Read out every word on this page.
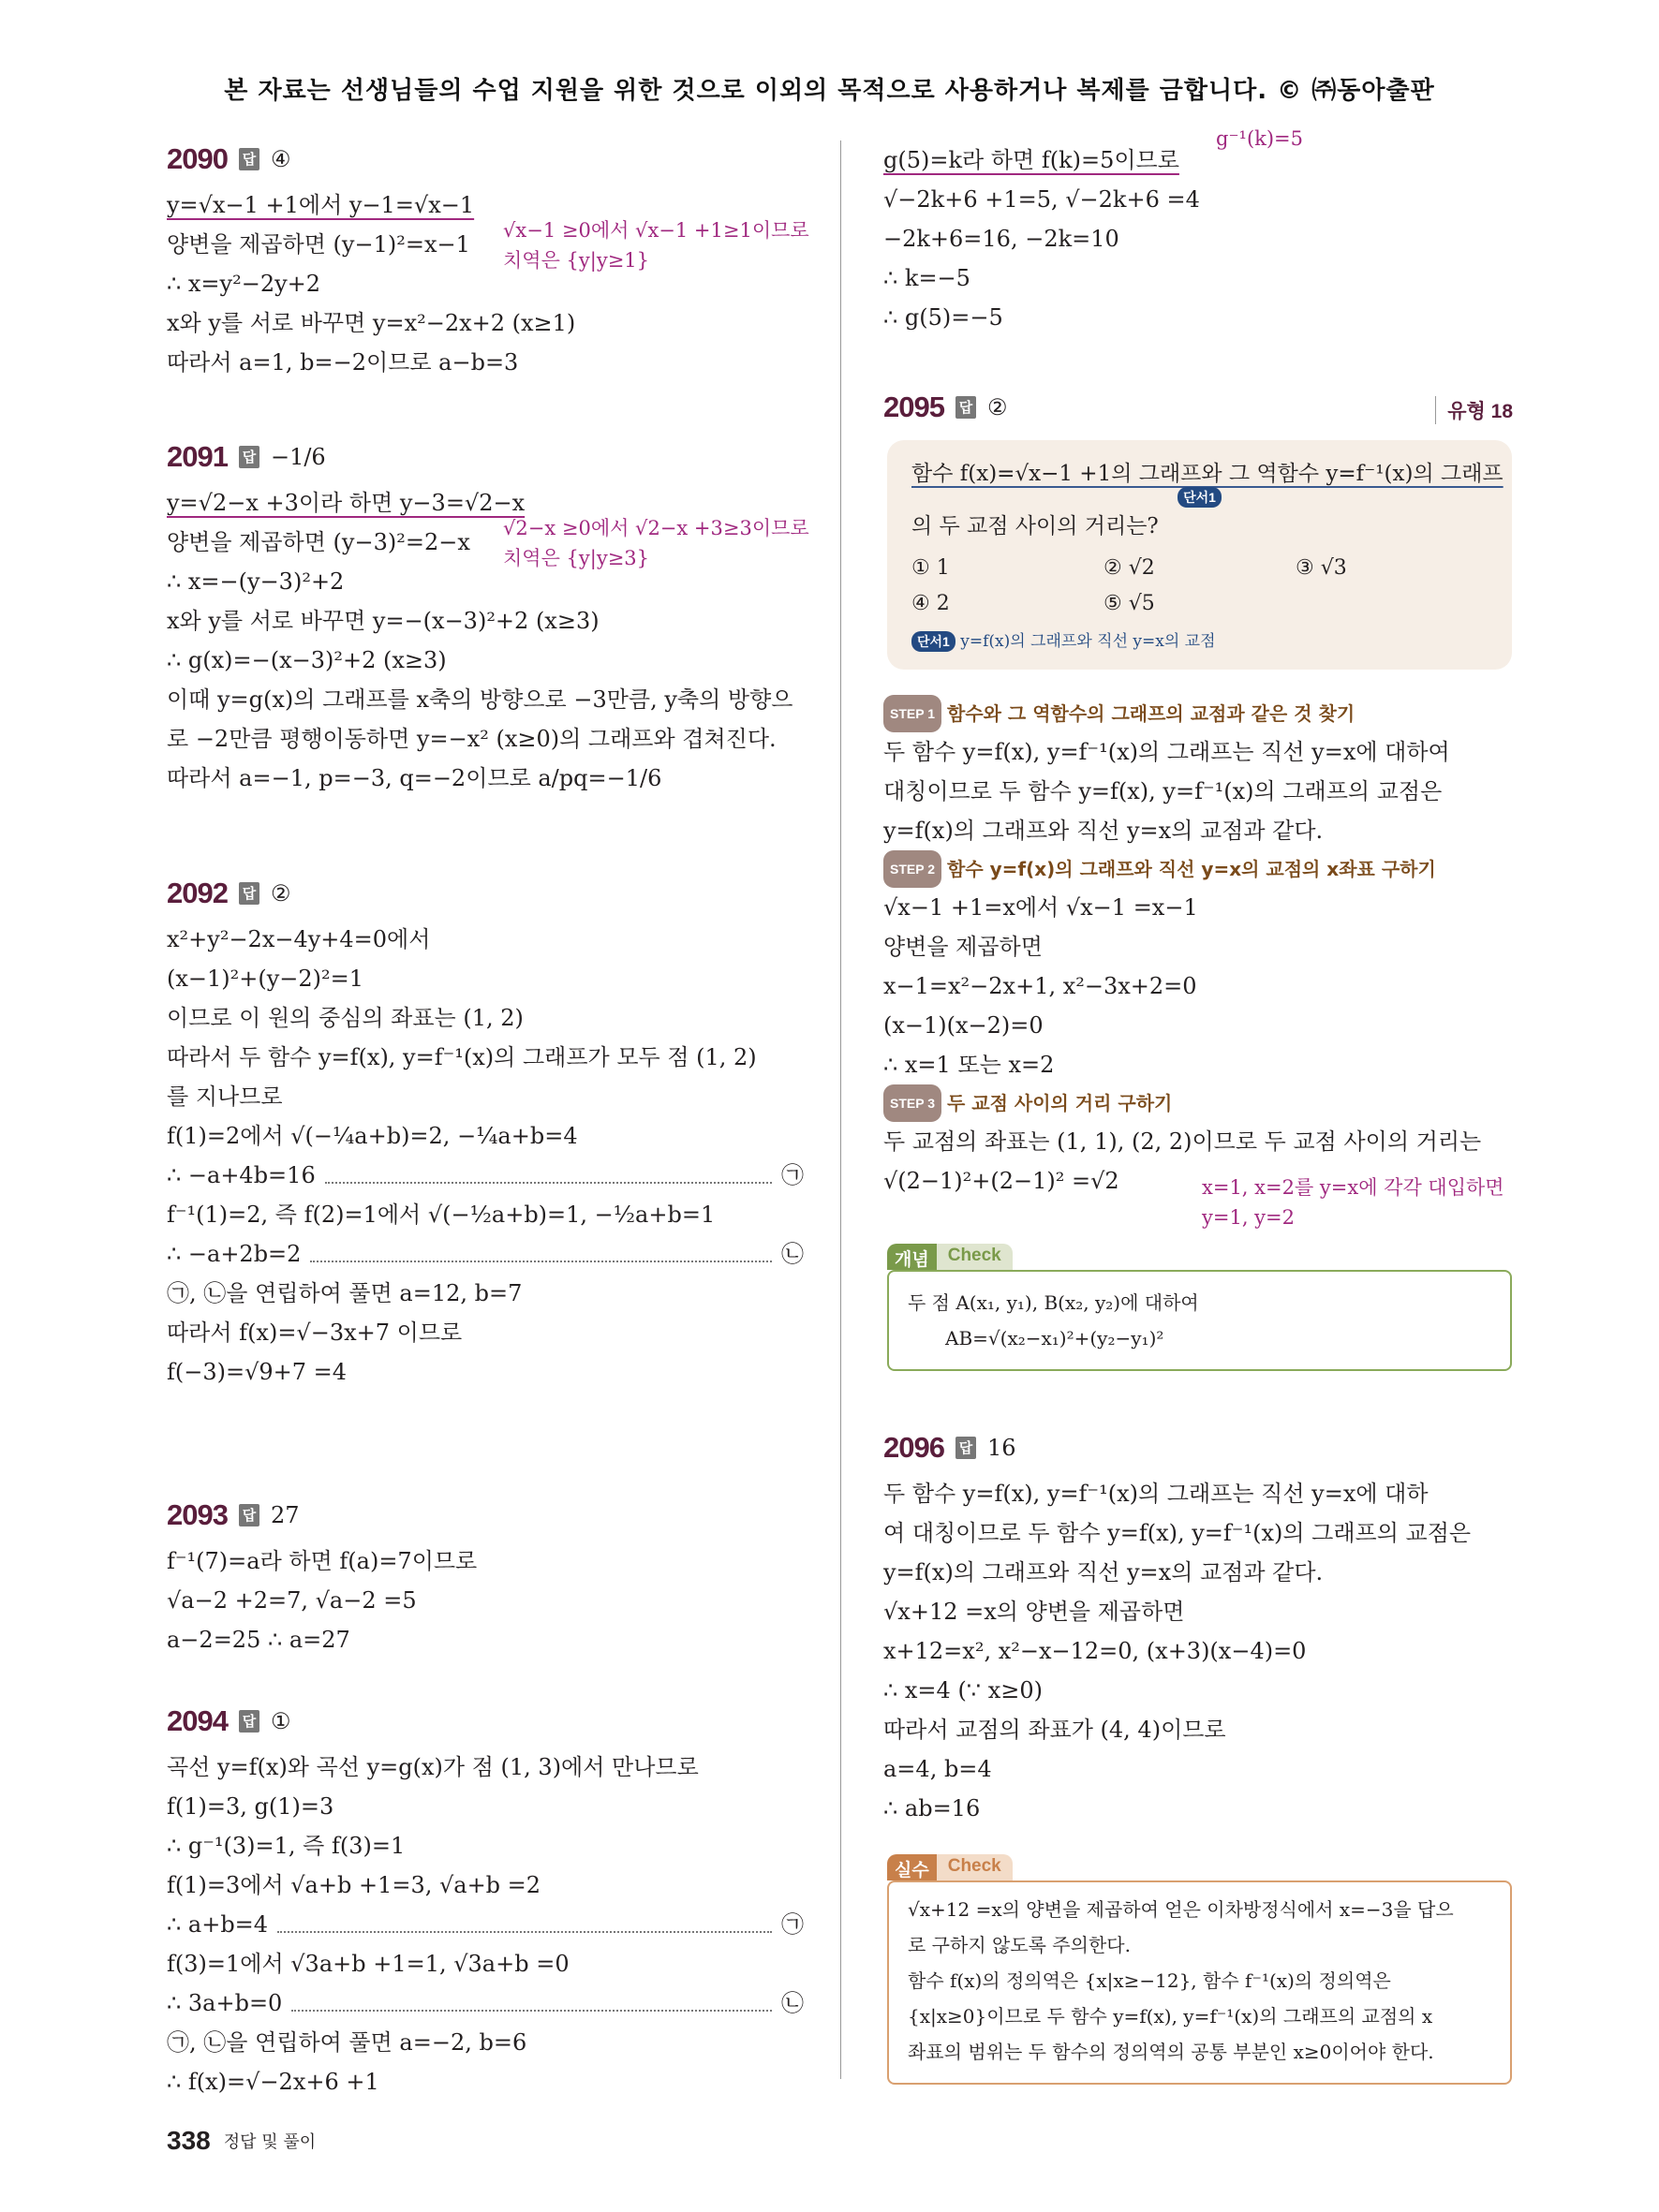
본 자료는 선생님들의 수업 지원을 위한 것으로 이외의 목적으로 사용하거나 복제를 금합니다. © ㈜동아출판
2090 답 ④
y=√x−1 +1에서 y−1=√x−1
양변을 제곱하면 (y−1)²=x−1
∴ x=y²−2y+2
x와 y를 서로 바꾸면 y=x²−2x+2 (x≥1)
따라서 a=1, b=−2이므로 a−b=3
√x−1 ≥0에서 √x−1 +1≥1이므로
치역은 {y|y≥1}
2091 답 −1/6
y=√2−x +3이라 하면 y−3=√2−x
양변을 제곱하면 (y−3)²=2−x
∴ x=−(y−3)²+2
x와 y를 서로 바꾸면 y=−(x−3)²+2 (x≥3)
∴ g(x)=−(x−3)²+2 (x≥3)
이때 y=g(x)의 그래프를 x축의 방향으로 −3만큼, y축의 방향으
로 −2만큼 평행이동하면 y=−x² (x≥0)의 그래프와 겹쳐진다.
따라서 a=−1, p=−3, q=−2이므로 a/pq=−1/6
√2−x ≥0에서 √2−x +3≥3이므로
치역은 {y|y≥3}
2092 답 ②
x²+y²−2x−4y+4=0에서
(x−1)²+(y−2)²=1
이므로 이 원의 중심의 좌표는 (1, 2)
따라서 두 함수 y=f(x), y=f⁻¹(x)의 그래프가 모두 점 (1, 2)
를 지나므로
f(1)=2에서 √(−¼a+b)=2, −¼a+b=4
∴ −a+4b=16	㉠
f⁻¹(1)=2, 즉 f(2)=1에서 √(−½a+b)=1, −½a+b=1
∴ −a+2b=2	㉡
㉠, ㉡을 연립하여 풀면 a=12, b=7
따라서 f(x)=√−3x+7 이므로
f(−3)=√9+7 =4
2093 답 27
f⁻¹(7)=a라 하면 f(a)=7이므로
√a−2 +2=7, √a−2 =5
a−2=25 ∴ a=27
2094 답 ①
곡선 y=f(x)와 곡선 y=g(x)가 점 (1, 3)에서 만나므로
f(1)=3, g(1)=3
∴ g⁻¹(3)=1, 즉 f(3)=1
f(1)=3에서 √a+b +1=3, √a+b =2
∴ a+b=4	㉠
f(3)=1에서 √3a+b +1=1, √3a+b =0
∴ 3a+b=0	㉡
㉠, ㉡을 연립하여 풀면 a=−2, b=6
∴ f(x)=√−2x+6 +1
g⁻¹(k)=5
g(5)=k라 하면 f(k)=5이므로
√−2k+6 +1=5, √−2k+6 =4
−2k+6=16, −2k=10
∴ k=−5
∴ g(5)=−5
2095 답 ②	유형 18
함수 f(x)=√x−1 +1의 그래프와 그 역함수 y=f⁻¹(x)의 그래프
단서1
의 두 교점 사이의 거리는?
① 1	② √2	③ √3
④ 2	⑤ √5
단서1 y=f(x)의 그래프와 직선 y=x의 교점
STEP 1 함수와 그 역함수의 그래프의 교점과 같은 것 찾기
두 함수 y=f(x), y=f⁻¹(x)의 그래프는 직선 y=x에 대하여
대칭이므로 두 함수 y=f(x), y=f⁻¹(x)의 그래프의 교점은
y=f(x)의 그래프와 직선 y=x의 교점과 같다.
STEP 2 함수 y=f(x)의 그래프와 직선 y=x의 교점의 x좌표 구하기
√x−1 +1=x에서 √x−1 =x−1
양변을 제곱하면
x−1=x²−2x+1, x²−3x+2=0
(x−1)(x−2)=0
∴ x=1 또는 x=2
STEP 3 두 교점 사이의 거리 구하기
두 교점의 좌표는 (1, 1), (2, 2)이므로 두 교점 사이의 거리는
√(2−1)²+(2−1)² =√2	x=1, x=2를 y=x에 각각 대입하면
y=1, y=2
개념	Check
두 점 A(x₁, y₁), B(x₂, y₂)에 대하여
AB=√(x₂−x₁)²+(y₂−y₁)²
2096 답 16
두 함수 y=f(x), y=f⁻¹(x)의 그래프는 직선 y=x에 대하
여 대칭이므로 두 함수 y=f(x), y=f⁻¹(x)의 그래프의 교점은
y=f(x)의 그래프와 직선 y=x의 교점과 같다.
√x+12 =x의 양변을 제곱하면
x+12=x², x²−x−12=0, (x+3)(x−4)=0
∴ x=4 (∵ x≥0)
따라서 교점의 좌표가 (4, 4)이므로
a=4, b=4
∴ ab=16
실수	Check
√x+12 =x의 양변을 제곱하여 얻은 이차방정식에서 x=−3을 답으
로 구하지 않도록 주의한다.
함수 f(x)의 정의역은 {x|x≥−12}, 함수 f⁻¹(x)의 정의역은
{x|x≥0}이므로 두 함수 y=f(x), y=f⁻¹(x)의 그래프의 교점의 x
좌표의 범위는 두 함수의 정의역의 공통 부분인 x≥0이어야 한다.
338 정답 및 풀이
